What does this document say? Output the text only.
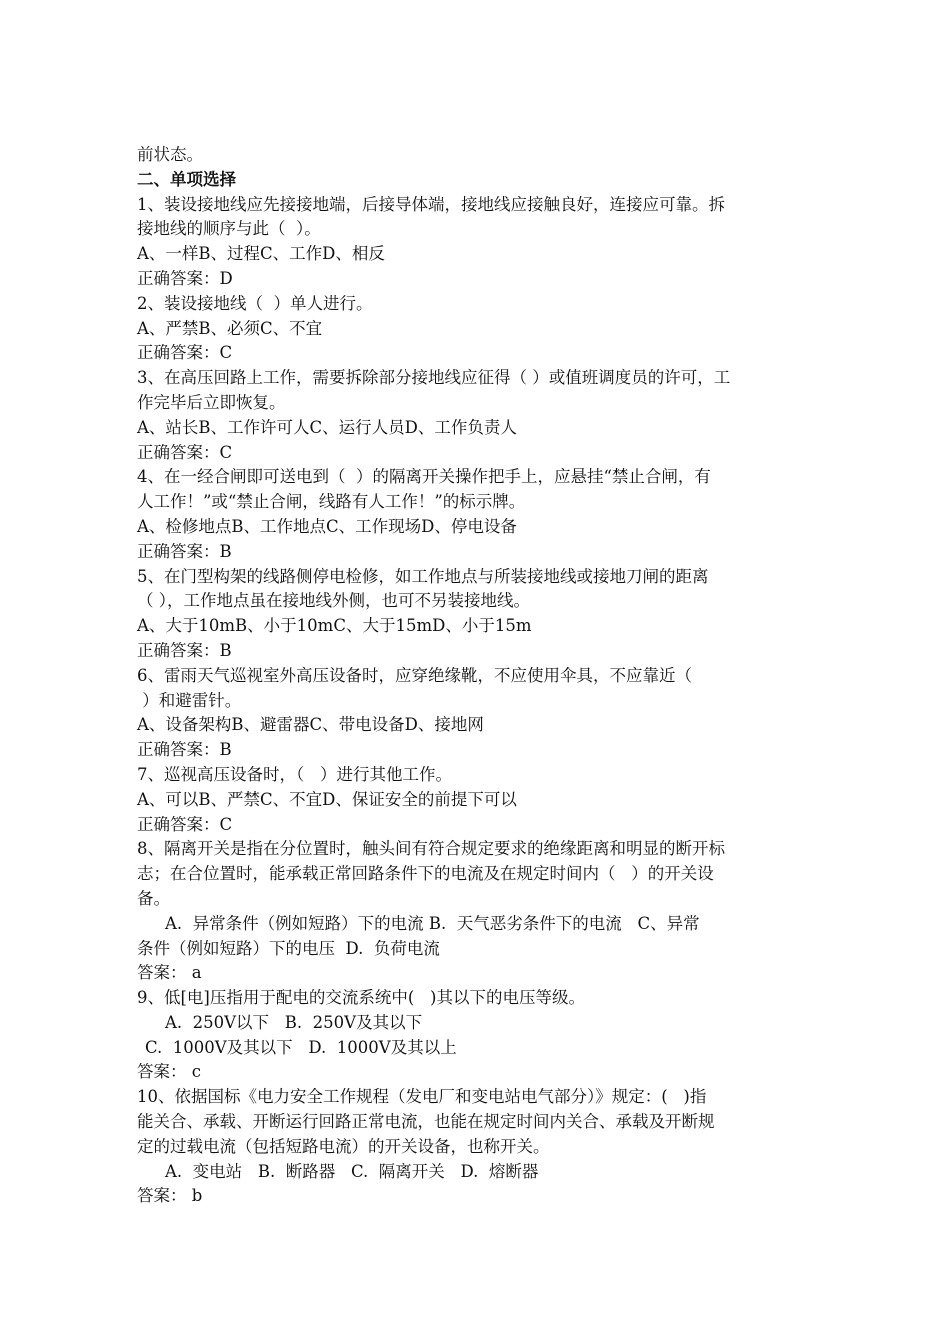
前状态。
二、单项选择
1、装设接地线应先接接地端，后接导体端，接地线应接触良好，连接应可靠。拆
接地线的顺序与此（  ）。
A、一样B、过程C、工作D、相反
正确答案：D
2、装设接地线（  ）单人进行。
A、严禁B、必须C、不宜
正确答案：C
3、在高压回路上工作，需要拆除部分接地线应征得（ ）或值班调度员的许可，工
作完毕后立即恢复。
A、站长B、工作许可人C、运行人员D、工作负责人
正确答案：C
4、在一经合闸即可送电到（  ）的隔离开关操作把手上，应悬挂“禁止合闸，有
人工作！”或“禁止合闸，线路有人工作！”的标示牌。
A、检修地点B、工作地点C、工作现场D、停电设备
正确答案：B
5、在门型构架的线路侧停电检修，如工作地点与所装接地线或接地刀闸的距离
（ ），工作地点虽在接地线外侧，也可不另装接地线。
A、大于10mB、小于10mC、大于15mD、小于15m
正确答案：B
6、雷雨天气巡视室外高压设备时，应穿绝缘靴，不应使用伞具，不应靠近（
）和避雷针。
A、设备架构B、避雷器C、带电设备D、接地网
正确答案：B
7、巡视高压设备时，（   ）进行其他工作。
A、可以B、严禁C、不宜D、保证安全的前提下可以
正确答案：C
8、隔离开关是指在分位置时，触头间有符合规定要求的绝缘距离和明显的断开标
志；在合位置时，能承载正常回路条件下的电流及在规定时间内（   ）的开关设
备。
A.  异常条件（例如短路）下的电流 B.  天气恶劣条件下的电流   C、异常
条件（例如短路）下的电压  D.  负荷电流
答案： a
9、低[电]压指用于配电的交流系统中(   )其以下的电压等级。
A.  250V以下   B.  250V及其以下
C.  1000V及其以下   D.  1000V及其以上
答案： c
10、依据国标《电力安全工作规程（发电厂和变电站电气部分）》规定：(   )指
能关合、承载、开断运行回路正常电流，也能在规定时间内关合、承载及开断规
定的过载电流（包括短路电流）的开关设备，也称开关。
A.  变电站   B.  断路器   C.  隔离开关   D.  熔断器
答案： b
